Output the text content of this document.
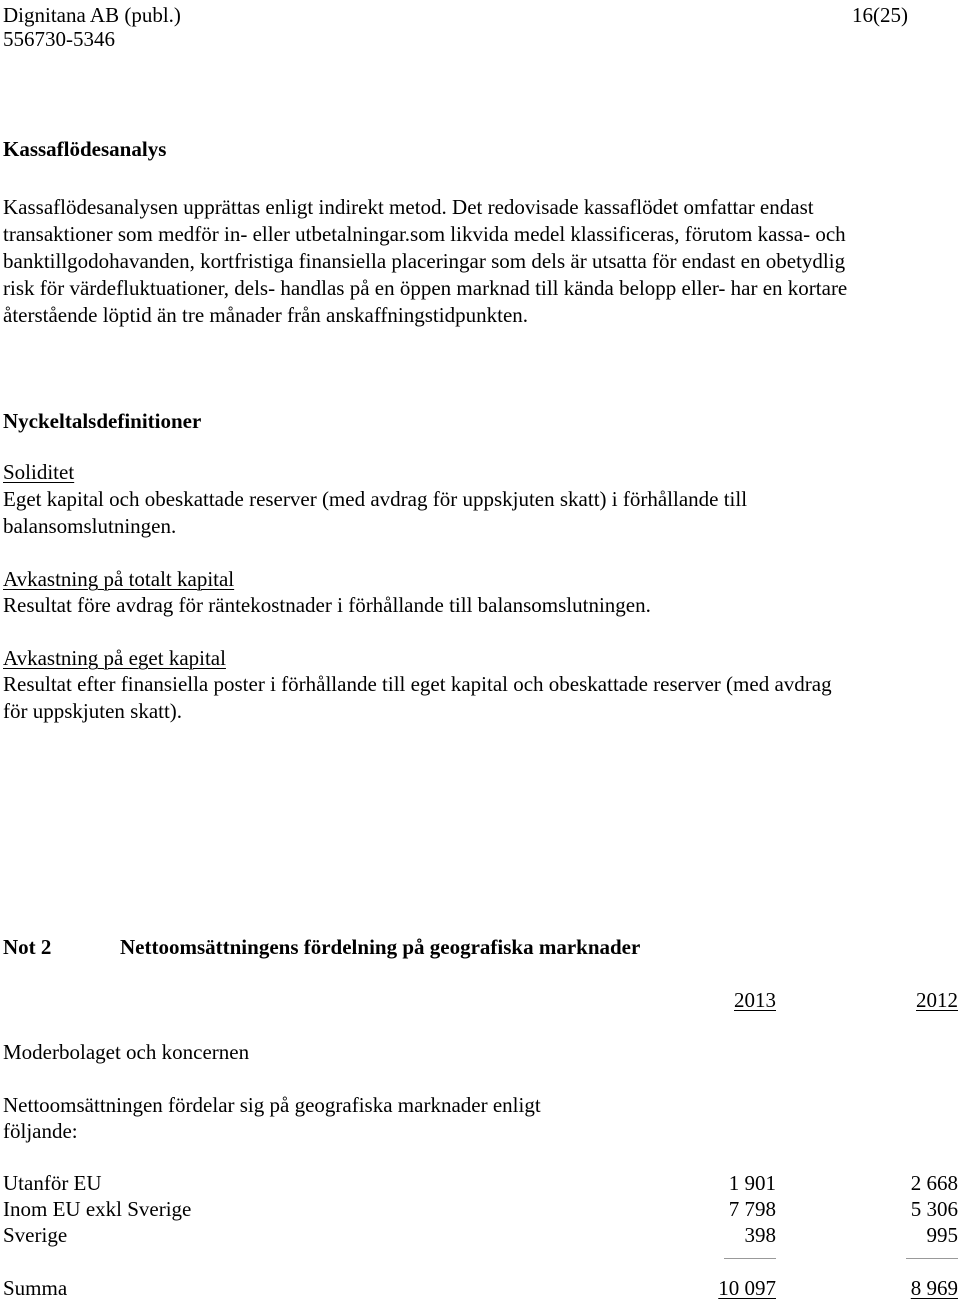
Dignitana AB (publ.)
556730-5346
16(25)
Kassaflödesanalys
Kassaflödesanalysen upprättas enligt indirekt metod. Det redovisade kassaflödet omfattar endast
transaktioner som medför in- eller utbetalningar.som likvida medel klassificeras, förutom kassa- och
banktillgodohavanden, kortfristiga finansiella placeringar som dels är utsatta för endast en obetydlig
risk för värdefluktuationer, dels- handlas på en öppen marknad till kända belopp eller- har en kortare
återstående löptid än tre månader från anskaffningstidpunkten.
Nyckeltalsdefinitioner
Soliditet
Eget kapital och obeskattade reserver (med avdrag för uppskjuten skatt) i förhållande till
balansomslutningen.
Avkastning på totalt kapital
Resultat före avdrag för räntekostnader i förhållande till balansomslutningen.
Avkastning på eget kapital
Resultat efter finansiella poster i förhållande till eget kapital och obeskattade reserver (med avdrag
för uppskjuten skatt).
Not 2	Nettoomsättningens fördelning på geografiska marknader
2013	2012
Moderbolaget och koncernen
Nettoomsättningen fördelar sig på geografiska marknader enligt
följande:
Utanför EU	1 901	2 668
Inom EU exkl Sverige	7 798	5 306
Sverige	398	995
Summa	10 097	8 969
